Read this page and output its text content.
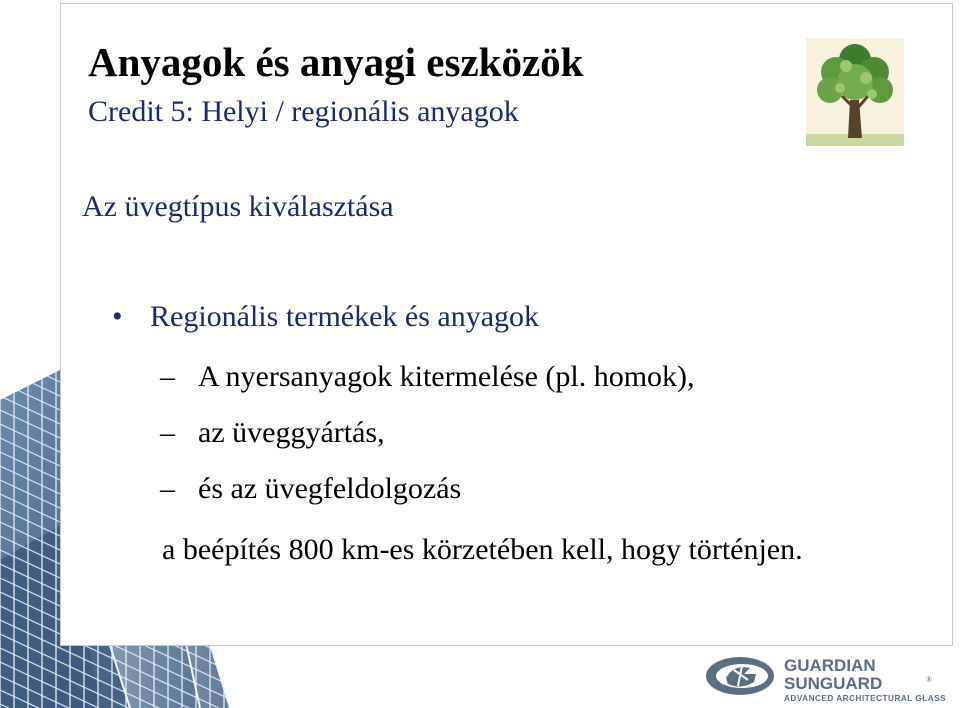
Anyagok és anyagi eszközök
Credit 5: Helyi / regionális anyagok
Az üvegtípus kiválasztása
• Regionális termékek és anyagok
– A nyersanyagok kitermelése (pl. homok),
– az üveggyártás,
– és az üvegfeldolgozás
a beépítés 800 km-es körzetében kell, hogy történjen.
GUARDIAN
SUNGUARD	®
ADVANCED ARCHITECTURAL GLASS
